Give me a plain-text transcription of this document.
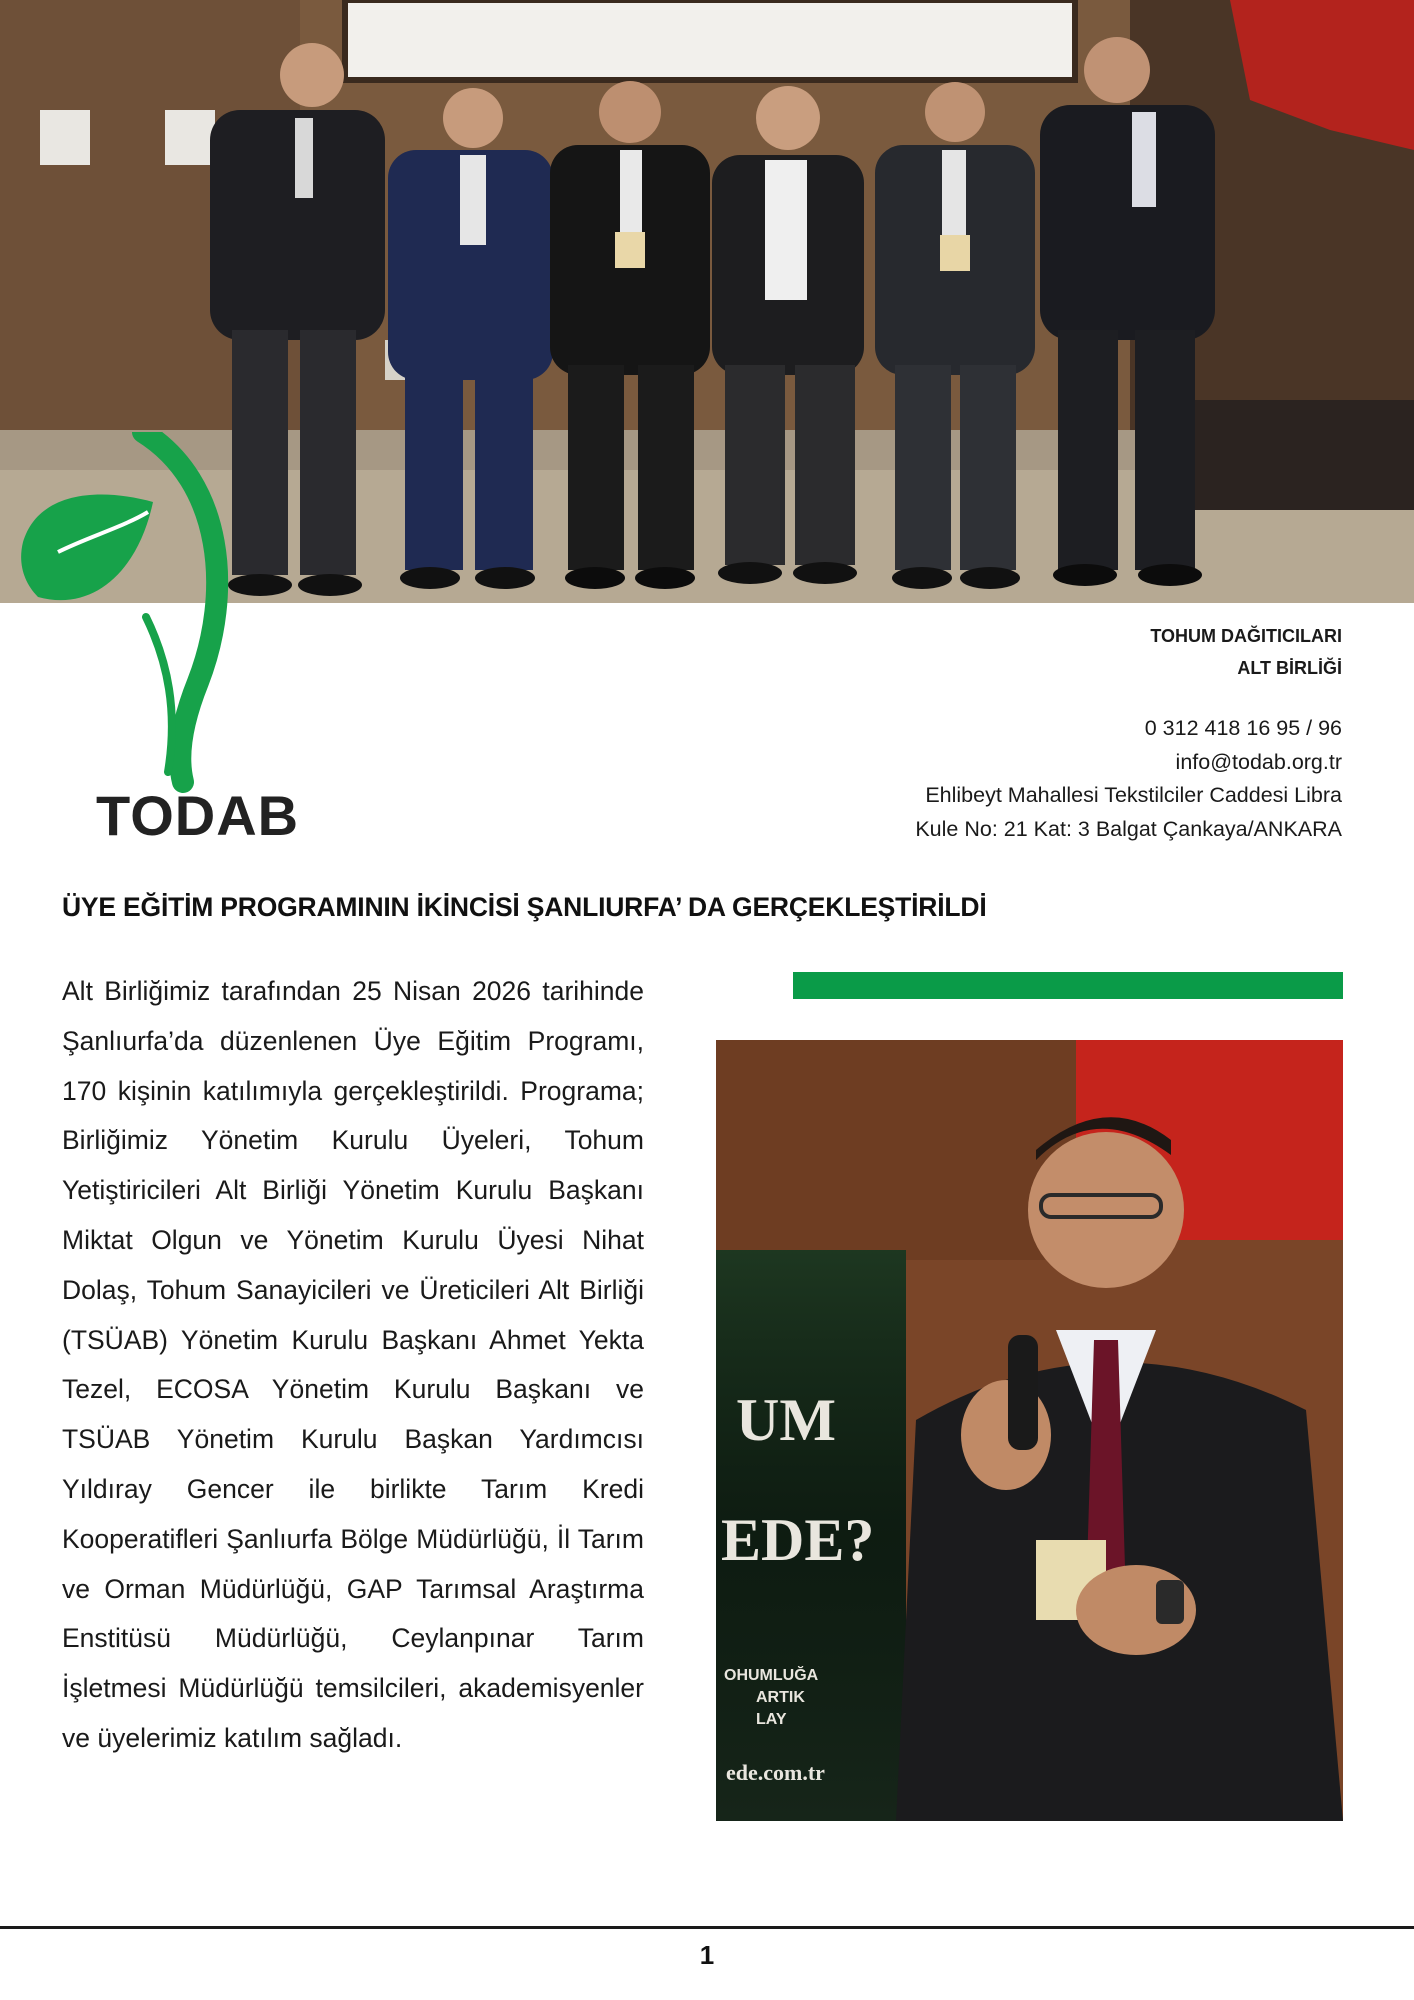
TODAB
TOHUM DAĞITICILARI
ALT BİRLİĞİ
0 312 418 16 95 / 96
info@todab.org.tr
Ehlibeyt Mahallesi Tekstilciler Caddesi Libra
Kule No: 21 Kat: 3 Balgat Çankaya/ANKARA
ÜYE EĞİTİM PROGRAMININ İKİNCİSİ ŞANLIURFA’ DA GERÇEKLEŞTİRİLDİ
Alt Birliğimiz tarafından 25 Nisan 2026 tarihinde Şanlıurfa’da düzenlenen Üye Eğitim Programı, 170 kişinin katılımıyla gerçekleştirildi. Programa; Birliğimiz Yönetim Kurulu Üyeleri, Tohum Yetiştiricileri Alt Birliği Yönetim Kurulu Başkanı Miktat Olgun ve Yönetim Kurulu Üyesi Nihat Dolaş, Tohum Sanayicileri ve Üreticileri Alt Birliği (TSÜAB) Yönetim Kurulu Başkanı Ahmet Yekta Tezel, ECOSA Yönetim Kurulu Başkanı ve TSÜAB Yönetim Kurulu Başkan Yardımcısı Yıldıray Gencer ile birlikte Tarım Kredi Kooperatifleri Şanlıurfa Bölge Müdürlüğü, İl Tarım ve Orman Müdürlüğü, GAP Tarımsal Araştırma Enstitüsü Müdürlüğü, Ceylanpınar Tarım İşletmesi Müdürlüğü temsilcileri, akademisyenler ve üyelerimiz katılım sağladı.
UM
EDE?
OHUMLUĞA
ARTIK
LAY
ede.com.tr
1
